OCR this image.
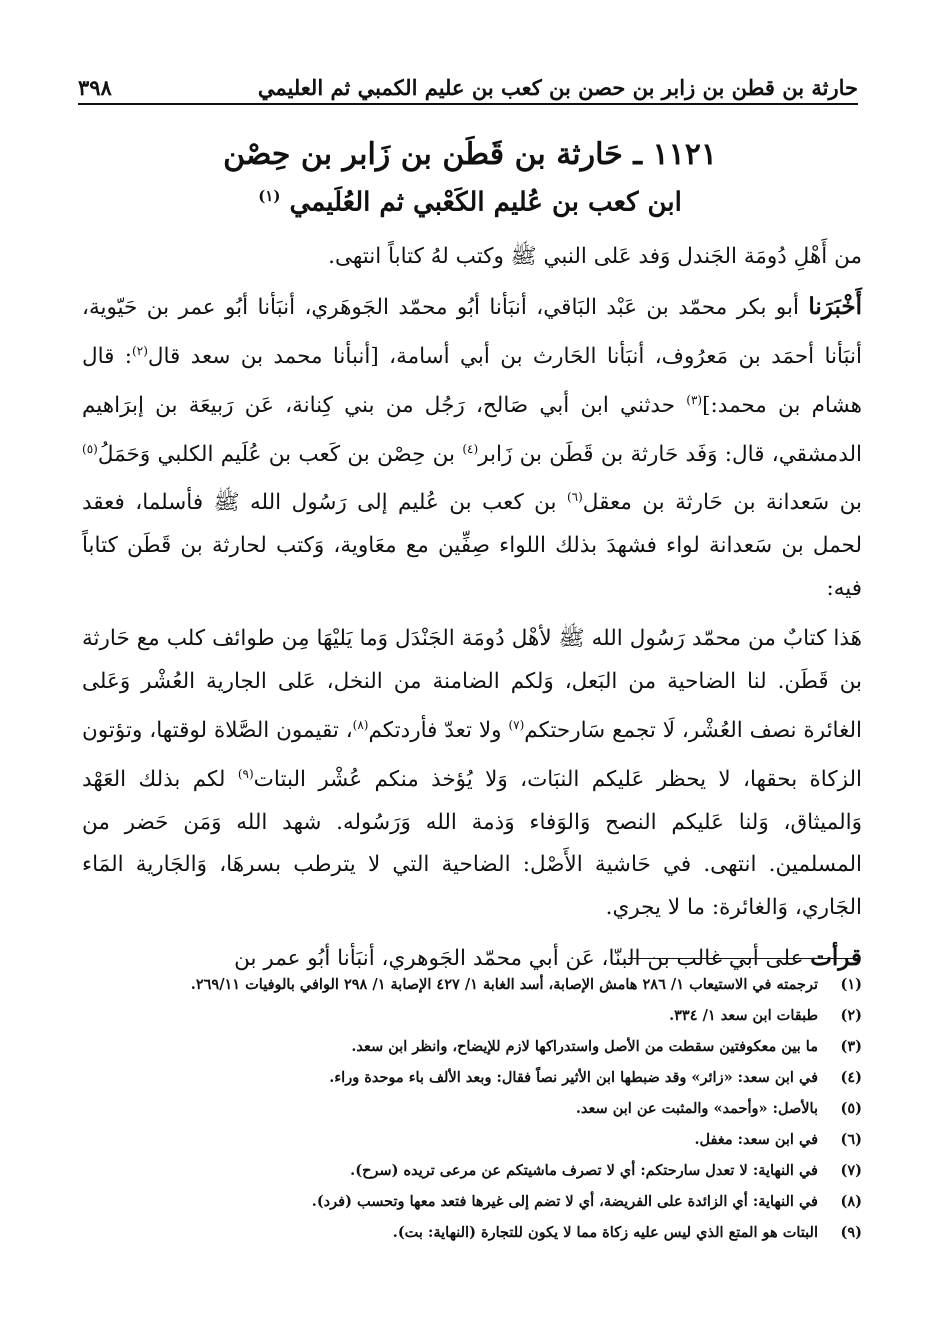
حارثة بن قطن بن زابر بن حصن بن كعب بن عليم الكمبي ثم العليمي
٣٩٨
١١٢١ ـ حَارثة بن قَطَن بن زَابر بن حِصْن
ابن كعب بن عُليم الكَعْبي ثم العُلَيمي $^{(١)}$

من أَهْلِ دُومَة الجَندل وَفد عَلى النبي ﷺ وكتب لهُ كتاباً انتهى.

أَخْبَرَنا أبو بكر محمّد بن عَبْد البَاقي، أنبَأنا أبُو محمّد الجَوهَري، أنبَأنا أبُو عمر بن حَيّوية، أنبَأنا أحمَد بن مَعرُوف، أنبَأنا الحَارث بن أبي أسامة، [أنبأنا محمد بن سعد قال$^{(٢)}$: قال هشام بن محمد:]$^{(٣)}$ حدثني ابن أبي صَالح، رَجُل من بني كِنانة، عَن رَبيعَة بن إبرَاهيم الدمشقي، قال: وَفَد حَارثة بن قَطَن بن زَابر$^{(٤)}$ بن حِصْن بن كَعب بن عُلَيم الكلبي وَحَمَلُ$^{(٥)}$ بن سَعدانة بن حَارثة بن معقل$^{(٦)}$ بن كعب بن عُليم إلى رَسُول الله ﷺ فأسلما، فعقد لحمل بن سَعدانة لواء فشهدَ بذلك اللواء صِفِّين مع معَاوية، وَكتب لحارثة بن قَطَن كتاباً فيه:

هَذا كتابٌ من محمّد رَسُول الله ﷺ لأهْل دُومَة الجَنْدَل وَما يَليْهَا مِن طوائف كلب مع حَارثة بن قَطَن. لنا الضاحية من البَعل، وَلكم الضامنة من النخل، عَلى الجارية العُشْر وَعَلى الغائرة نصف العُشْر، لَا تجمع سَارحتكم$^{(٧)}$ ولا تعدّ فأردتكم$^{(٨)}$، تقيمون الصَّلاة لوقتها، وتؤتون الزكاة بحقها، لا يحظر عَليكم النبَات، وَلا يُؤخذ منكم عُشْر البتات$^{(٩)}$ لكم بذلك العَهْد وَالميثاق، وَلنا عَليكم النصح وَالوَفاء وَذمة الله وَرَسُوله. شهد الله وَمَن حَضر من المسلمين. انتهى. في حَاشية الأَصْل: الضاحية التي لا يترطب بسرهَا، وَالجَارية المَاء الجَاري، وَالغائرة: ما لا يجري.

قرأت على أبي غالب بن البنّا، عَن أبي محمّد الجَوهري، أنبَأنا أبُو عمر بن

(١)
ترجمته في الاستيعاب ١/ ٢٨٦ هامش الإصابة، أسد الغابة ١/ ٤٢٧ الإصابة ١/ ٢٩٨ الوافي بالوفيات ٢٦٩/١١.
(٢)
طبقات ابن سعد ١/ ٣٣٤.
(٣)
ما بين معكوفتين سقطت من الأصل واستدراكها لازم للإيضاح، وانظر ابن سعد.
(٤)
في ابن سعد: «زائر» وقد ضبطها ابن الأثير نصاً فقال: وبعد الألف باء موحدة وراء.
(٥)
بالأصل: «وأحمد» والمثبت عن ابن سعد.
(٦)
في ابن سعد: مغفل.
(٧)
في النهاية: لا تعدل سارحتكم: أي لا تصرف ماشيتكم عن مرعى تريده (سرح).
(٨)
في النهاية: أي الزائدة على الفريضة، أي لا تضم إلى غيرها فتعد معها وتحسب (فرد).
(٩)
البتات هو المتع الذي ليس عليه زكاة مما لا يكون للتجارة (النهاية: بت).
